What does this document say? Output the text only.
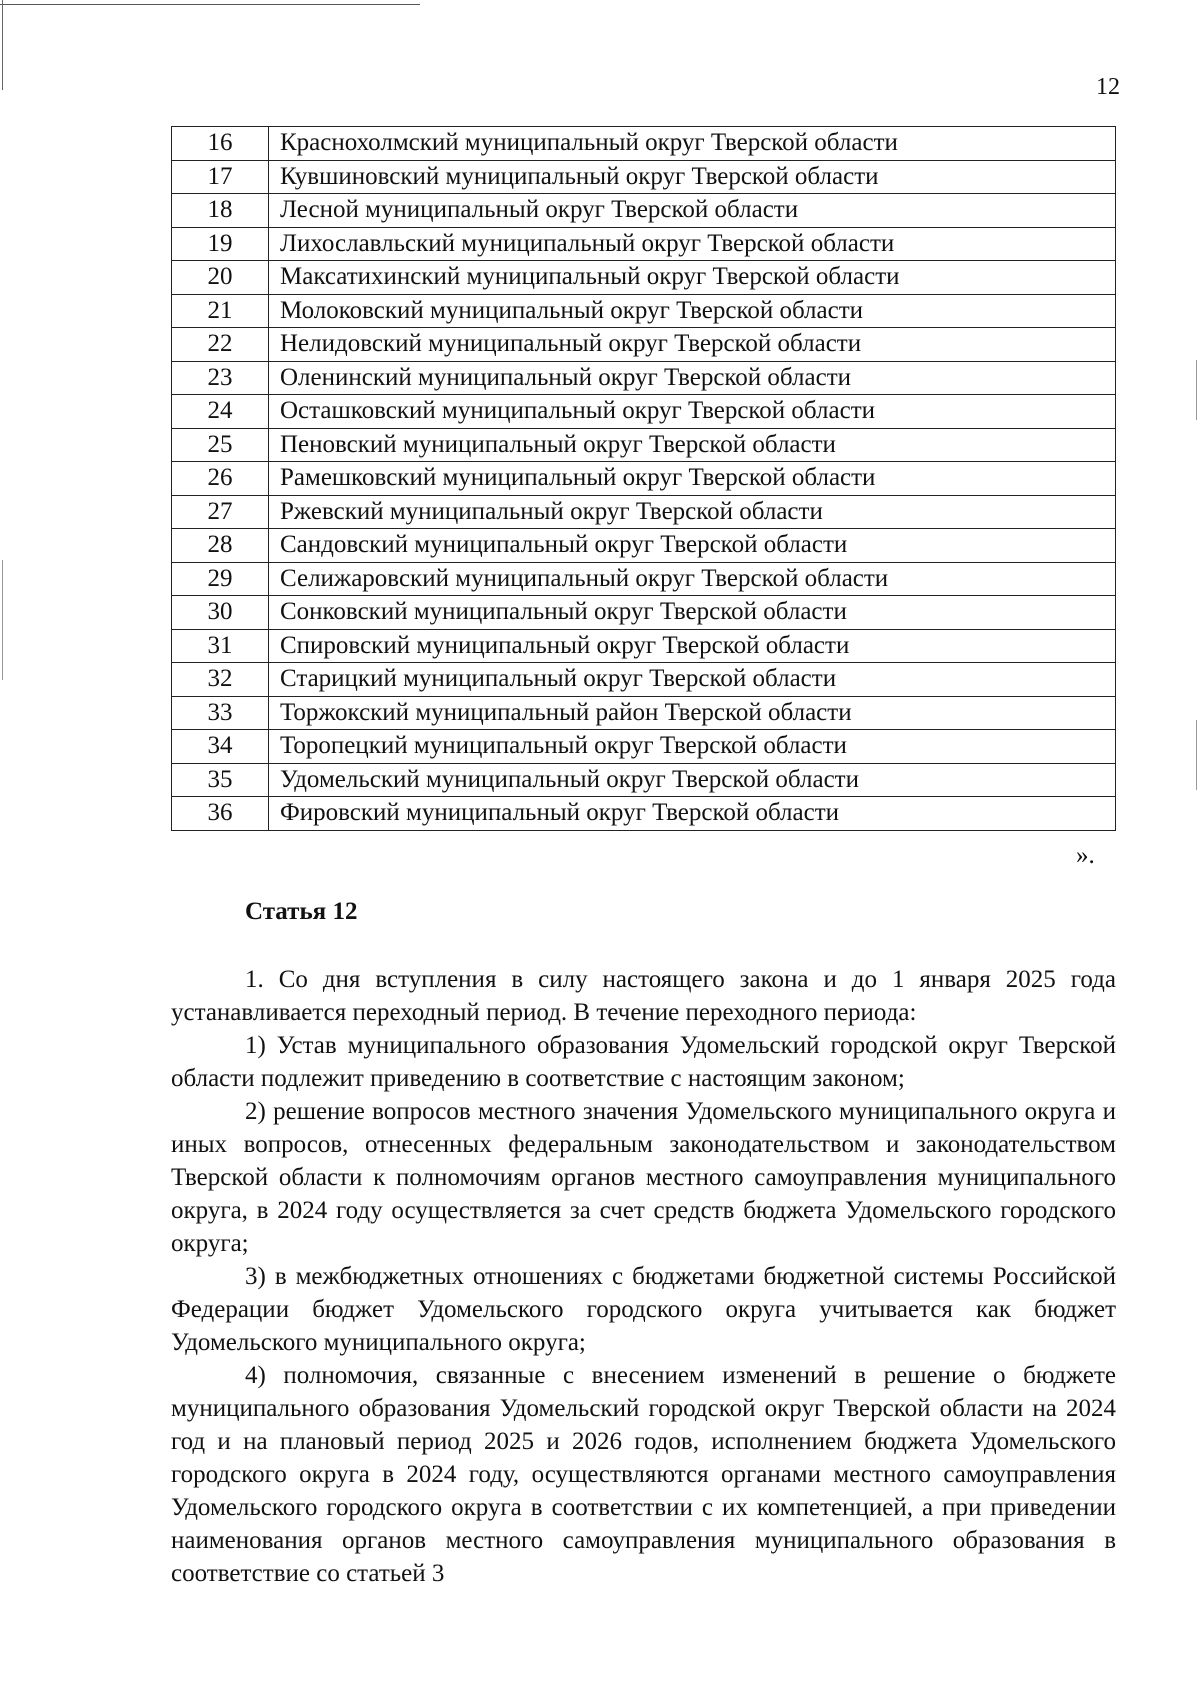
12
16	Краснохолмский муниципальный округ Тверской области
17	Кувшиновский муниципальный округ Тверской области
18	Лесной муниципальный округ Тверской области
19	Лихославльский муниципальный округ Тверской области
20	Максатихинский муниципальный округ Тверской области
21	Молоковский муниципальный округ Тверской области
22	Нелидовский муниципальный округ Тверской области
23	Оленинский муниципальный округ Тверской области
24	Осташковский муниципальный округ Тверской области
25	Пеновский муниципальный округ Тверской области
26	Рамешковский муниципальный округ Тверской области
27	Ржевский муниципальный округ Тверской области
28	Сандовский муниципальный округ Тверской области
29	Селижаровский муниципальный округ Тверской области
30	Сонковский муниципальный округ Тверской области
31	Спировский муниципальный округ Тверской области
32	Старицкий муниципальный округ Тверской области
33	Торжокский муниципальный район Тверской области
34	Торопецкий муниципальный округ Тверской области
35	Удомельский муниципальный округ Тверской области
36	Фировский муниципальный округ Тверской области
».
Статья 12

1. Со дня вступления в силу настоящего закона и до 1 января 2025 года устанавливается переходный период. В течение переходного периода:

1) Устав муниципального образования Удомельский городской округ Тверской области подлежит приведению в соответствие с настоящим законом;

2) решение вопросов местного значения Удомельского муниципального округа и иных вопросов, отнесенных федеральным законодательством и законодательством Тверской области к полномочиям органов местного самоуправления муниципального округа, в 2024 году осуществляется за счет средств бюджета Удомельского городского округа;

3) в межбюджетных отношениях с бюджетами бюджетной системы Российской Федерации бюджет Удомельского городского округа учитывается как бюджет Удомельского муниципального округа;

4) полномочия, связанные с внесением изменений в решение о бюджете муниципального образования Удомельский городской округ Тверской области на 2024 год и на плановый период 2025 и 2026 годов, исполнением бюджета Удомельского городского округа в 2024 году, осуществляются органами местного самоуправления Удомельского городского округа в соответствии с их компетенцией, а при приведении наименования органов местного самоуправления муниципального образования в соответствие со статьей 3
